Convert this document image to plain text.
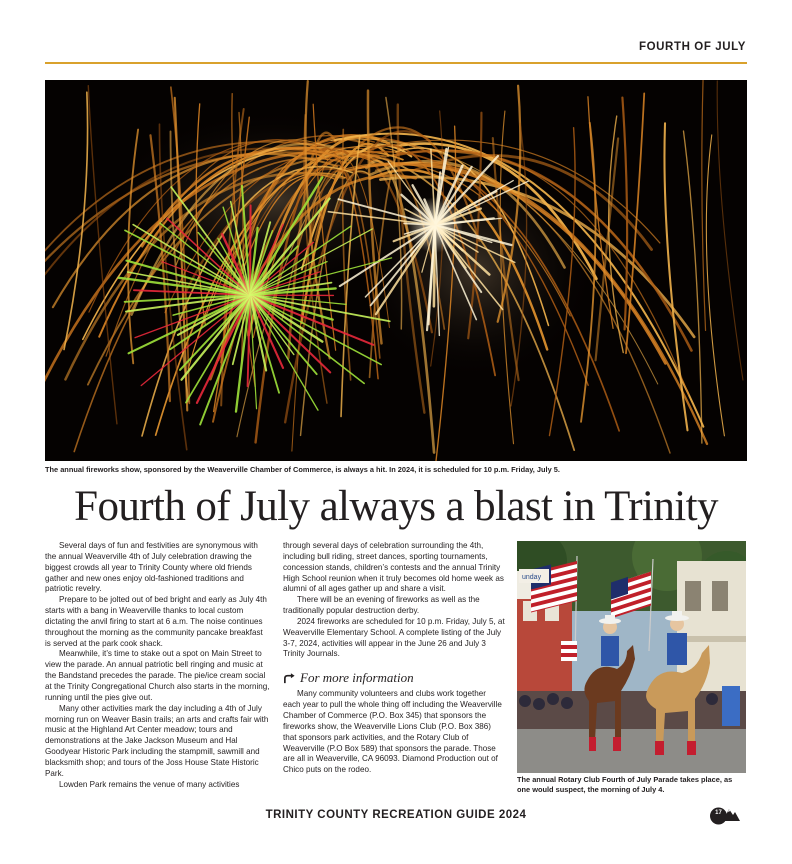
FOURTH OF JULY
The annual fireworks show, sponsored by the Weaverville Chamber of Commerce, is always a hit. In 2024, it is scheduled for 10 p.m. Friday, July 5.
Fourth of July always a blast in Trinity

Several days of fun and festivities are synonymous with the annual Weaverville 4th of July celebration drawing the biggest crowds all year to Trinity County where old friends gather and new ones enjoy old-fashioned traditions and patriotic revelry.

Prepare to be jolted out of bed bright and early as July 4th starts with a bang in Weaverville thanks to local custom dictating the anvil firing to start at 6 a.m. The noise continues throughout the morning as the community pancake breakfast is served at the park cook shack.

Meanwhile, it’s time to stake out a spot on Main Street to view the parade. An annual patriotic bell ringing and music at the Bandstand precedes the parade. The pie/ice cream social at the Trinity Congregational Church also starts in the morning, running until the pies give out.

Many other activities mark the day including a 4th of July morning run on Weaver Basin trails; an arts and crafts fair with music at the Highland Art Center meadow; tours and demonstrations at the Jake Jackson Museum and Hal Goodyear Historic Park including the stampmill, sawmill and blacksmith shop; and tours of the Joss House State Historic Park.

Lowden Park remains the venue of many activities

through several days of celebration surrounding the 4th, including bull riding, street dances, sporting tournaments, concession stands, children’s contests and the annual Trinity High School reunion when it truly becomes old home week as alumni of all ages gather up and share a visit.

There will be an evening of fireworks as well as the traditionally popular destruction derby.

2024 fireworks are scheduled for 10 p.m. Friday, July 5, at Weaverville Elementary School. A complete listing of the July 3-7, 2024, activities will appear in the June 26 and July 3 Trinity Journals.

For more information

Many community volunteers and clubs work together each year to pull the whole thing off including the Weaverville Chamber of Commerce (P.O. Box 345) that sponsors the fireworks show, the Weaverville Lions Club (P.O. Box 386) that sponsors park activities, and the Rotary Club of Weaverville (P.O Box 589) that sponsors the parade. Those are all in Weaverville, CA 96093. Diamond Production out of Chico puts on the rodeo.

unday
The annual Rotary Club Fourth of July Parade takes place, as one would suspect, the morning of July 4.
TRINITY COUNTY RECREATION GUIDE 2024	17
